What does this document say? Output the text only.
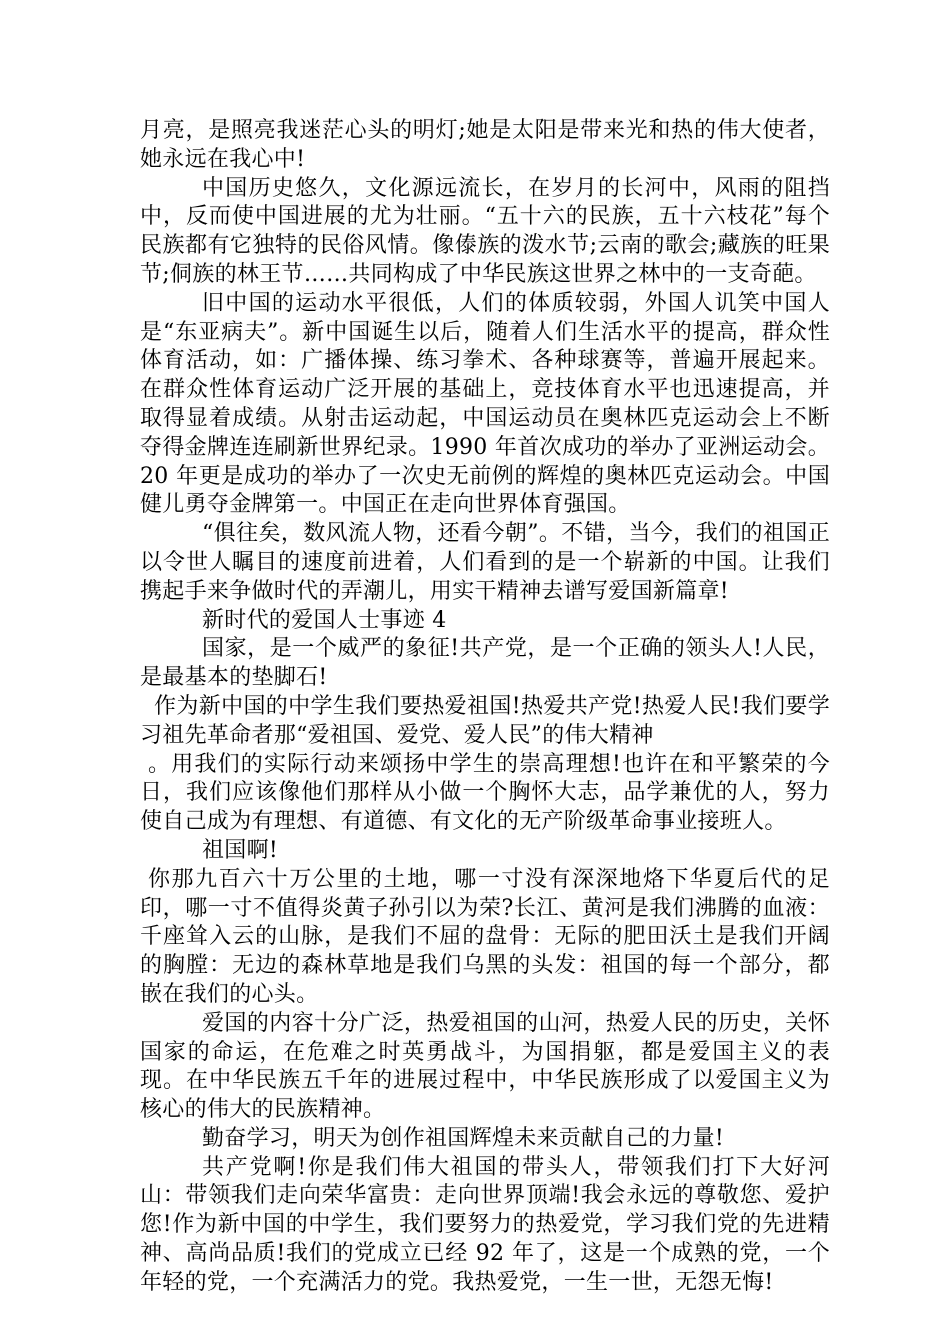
月亮，是照亮我迷茫心头的明灯;她是太阳是带来光和热的伟大使者，她永远在我心中!

中国历史悠久，文化源远流长，在岁月的长河中，风雨的阻挡中，反而使中国进展的尤为壮丽。“五十六的民族，五十六枝花”每个民族都有它独特的民俗风情。像傣族的泼水节;云南的歌会;藏族的旺果节;侗族的林王节……共同构成了中华民族这世界之林中的一支奇葩。

旧中国的运动水平很低，人们的体质较弱，外国人讥笑中国人是“东亚病夫”。新中国诞生以后，随着人们生活水平的提高，群众性体育活动，如：广播体操、练习拳术、各种球赛等，普遍开展起来。在群众性体育运动广泛开展的基础上，竞技体育水平也迅速提高，并取得显着成绩。从射击运动起，中国运动员在奥林匹克运动会上不断夺得金牌连连刷新世界纪录。1990 年首次成功的举办了亚洲运动会。20 年更是成功的举办了一次史无前例的辉煌的奥林匹克运动会。中国健儿勇夺金牌第一。中国正在走向世界体育强国。

“俱往矣，数风流人物，还看今朝”。不错，当今，我们的祖国正以令世人瞩目的速度前进着，人们看到的是一个崭新的中国。让我们携起手来争做时代的弄潮儿，用实干精神去谱写爱国新篇章!

新时代的爱国人士事迹 4

国家，是一个威严的象征!共产党，是一个正确的领头人!人民，是最基本的垫脚石!

作为新中国的中学生我们要热爱祖国!热爱共产党!热爱人民!我们要学习祖先革命者那“爱祖国、爱党、爱人民”的伟大精神

。用我们的实际行动来颂扬中学生的崇高理想!也许在和平繁荣的今日，我们应该像他们那样从小做一个胸怀大志，品学兼优的人，努力使自己成为有理想、有道德、有文化的无产阶级革命事业接班人。

祖国啊!

你那九百六十万公里的土地，哪一寸没有深深地烙下华夏后代的足印，哪一寸不值得炎黄子孙引以为荣?长江、黄河是我们沸腾的血液：千座耸入云的山脉，是我们不屈的盘骨：无际的肥田沃土是我们开阔的胸膛：无边的森林草地是我们乌黑的头发：祖国的每一个部分，都嵌在我们的心头。

爱国的内容十分广泛，热爱祖国的山河，热爱人民的历史，关怀国家的命运，在危难之时英勇战斗，为国捐躯，都是爱国主义的表现。在中华民族五千年的进展过程中，中华民族形成了以爱国主义为核心的伟大的民族精神。

勤奋学习，明天为创作祖国辉煌未来贡献自己的力量!

共产党啊!你是我们伟大祖国的带头人，带领我们打下大好河山：带领我们走向荣华富贵：走向世界顶端!我会永远的尊敬您、爱护您!作为新中国的中学生，我们要努力的热爱党，学习我们党的先进精神、高尚品质!我们的党成立已经 92 年了，这是一个成熟的党，一个年轻的党，一个充满活力的党。我热爱党，一生一世，无怨无悔!
